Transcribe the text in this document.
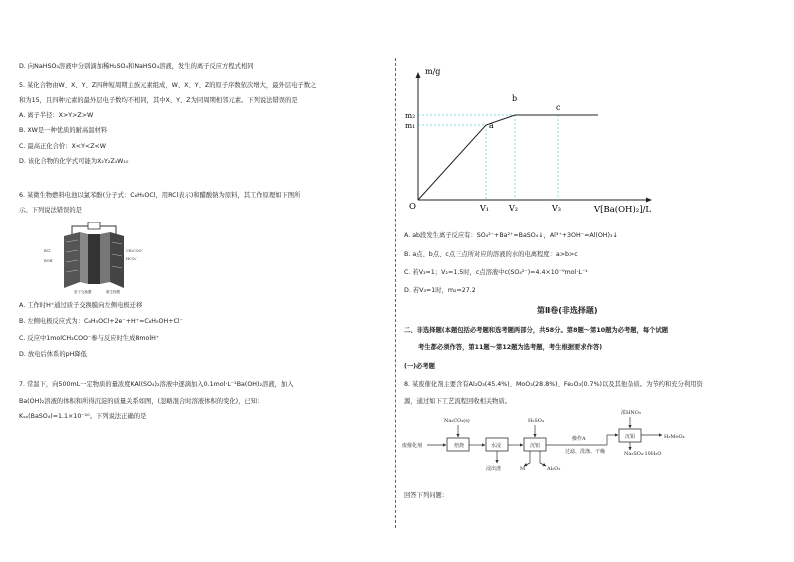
D. 向NaHSO₃溶液中分别滴加稀H₂SO₄和NaHSO₄溶液，发生的离子反应方程式相同
5. 某化合物由W、X、Y、Z四种短周期主族元素组成，W、X、Y、Z的原子序数依次增大，最外层电子数之
和为15，且四种元素的最外层电子数均不相同，其中X、Y、Z为同周期相邻元素。下列说法错误的是
A. 离子半径：X>Y>Z>W
B. XW是一种优质的耐高温材料
C. 最高正化合价：X<Y<Z<W
D. 该化合物的化学式可能为X₂Y₂Z₄W₁₀
6. 某微生物燃料电池以氯苯酚(分子式：C₆H₅OCl，用RCl表示)和醋酸钠为原料，其工作原理如下图所
示。下列说法错误的是
RCl
ROH
CH₃COO⁻
HCO₃⁻
质子交换膜	微生物膜
A. 工作时H⁺通过质子交换膜向左侧电极迁移
B. 左侧电极反应式为：C₆H₅OCl+2e⁻+H⁺=C₆H₅OH+Cl⁻
C. 反应中1molCH₃COO⁻参与反应时生成8molH⁺
D. 放电后体系的pH降低
7. 常温下，向500mL一定物质的量浓度KAl(SO₄)₂溶液中逐滴加入0.1mol·L⁻¹Ba(OH)₂溶液，加入
Ba(OH)₂溶液的体积和所得沉淀的质量关系如图，(忽略混合时溶液体积的变化)，已知：
Kₛₚ(BaSO₄)=1.1×10⁻¹⁰。下列说法正确的是
m/g
V[Ba(OH)₂]/L
O
m₂
m₁	a
b
c
V₁	V₂	V₃
A. ab段发生离子反应有：SO₄²⁻+Ba²⁺=BaSO₄↓，Al³⁺+3OH⁻=Al(OH)₃↓
B. a点、b点、c点三点所对应的溶液的水的电离程度：a>b>c
C. 若V₃=1；V₂=1.5时，c点溶液中c(SO₄²⁻)=4.4×10⁻⁹mol·L⁻¹
D. 若V₃=1时，m₂=27.2
第Ⅱ卷(非选择题)
二、非选择题(本题包括必考题和选考题两部分，共58分。第8题～第10题为必考题，每个试题
考生都必须作答，第11题～第12题为选考题，考生根据要求作答)
(一)必考题
8. 某废催化剂主要含有Al₂O₃(45.4%)、MoO₃(28.8%)、Fe₂O₃(0.7%)以及其他杂质。为节约和充分利用资
源，通过如下工艺流程回收相关物质。
废催化剂
Na₂CO₃(s)
焙烧	水浸
浸出渣
H₂SO₄
沉铝
M	Al₂O₃
操作A
过滤、洗涤、干燥
浓HNO₃
沉钼	H₂MoO₄
Na₂SO₄·10H₂O
回答下列问题：
